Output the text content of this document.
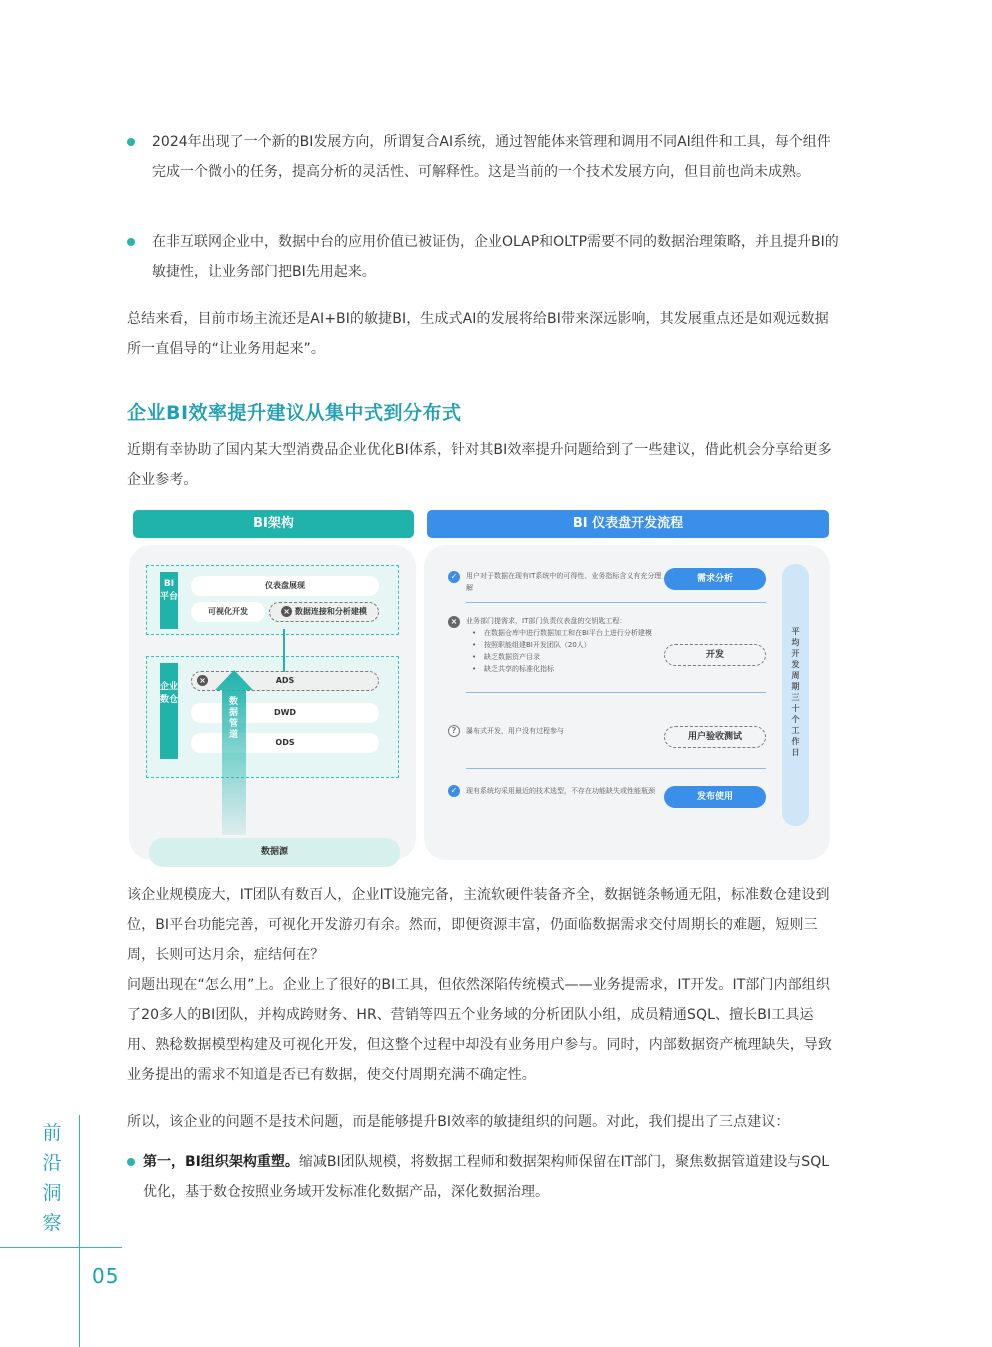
2024年出现了一个新的BI发展方向，所谓复合AI系统，通过智能体来管理和调用不同AI组件和工具，每个组件完成一个微小的任务，提高分析的灵活性、可解释性。这是当前的一个技术发展方向，但目前也尚未成熟。
在非互联网企业中，数据中台的应用价值已被证伪，企业OLAP和OLTP需要不同的数据治理策略，并且提升BI的敏捷性，让业务部门把BI先用起来。
总结来看，目前市场主流还是AI+BI的敏捷BI，生成式AI的发展将给BI带来深远影响，其发展重点还是如观远数据所一直倡导的“让业务用起来”。
企业BI效率提升建议从集中式到分布式
近期有幸协助了国内某大型消费品企业优化BI体系，针对其BI效率提升问题给到了一些建议，借此机会分享给更多企业参考。
BI架构	BI 仪表盘开发流程
BI平台
仪表盘展现
可视化开发	× 数据连接和分析建模
企业数仓
×	ADS
DWD
ODS
数据管道
数据源
✓	用户对于数据在现有IT系统中的可得性、业务指标含义有充分理解
需求分析
×	业务部门提需求，IT部门负责仪表盘的交钥匙工程：
• 在数据仓库中进行数据加工和在BI平台上进行分析建模
• 按照职能组建BI开发团队（20人）
• 缺乏数据资产目录
• 缺乏共享的标准化指标
开发
?	瀑布式开发，用户没有过程参与
用户验收测试
✓	现有系统均采用最近的技术选型，不存在功能缺失或性能瓶颈
发布使用
平均开发周期三十个工作日
该企业规模庞大，IT团队有数百人，企业IT设施完备，主流软硬件装备齐全，数据链条畅通无阻，标准数仓建设到位，BI平台功能完善，可视化开发游刃有余。然而，即便资源丰富，仍面临数据需求交付周期长的难题，短则三周，长则可达月余，症结何在？
问题出现在“怎么用”上。企业上了很好的BI工具，但依然深陷传统模式——业务提需求，IT开发。IT部门内部组织了20多人的BI团队，并构成跨财务、HR、营销等四五个业务域的分析团队小组，成员精通SQL、擅长BI工具运用、熟稔数据模型构建及可视化开发，但这整个过程中却没有业务用户参与。同时，内部数据资产梳理缺失，导致业务提出的需求不知道是否已有数据，使交付周期充满不确定性。
所以，该企业的问题不是技术问题，而是能够提升BI效率的敏捷组织的问题。对此，我们提出了三点建议：
第一，BI组织架构重塑。缩减BI团队规模，将数据工程师和数据架构师保留在IT部门，聚焦数据管道建设与SQL优化，基于数仓按照业务域开发标准化数据产品，深化数据治理。
前沿洞察
05
